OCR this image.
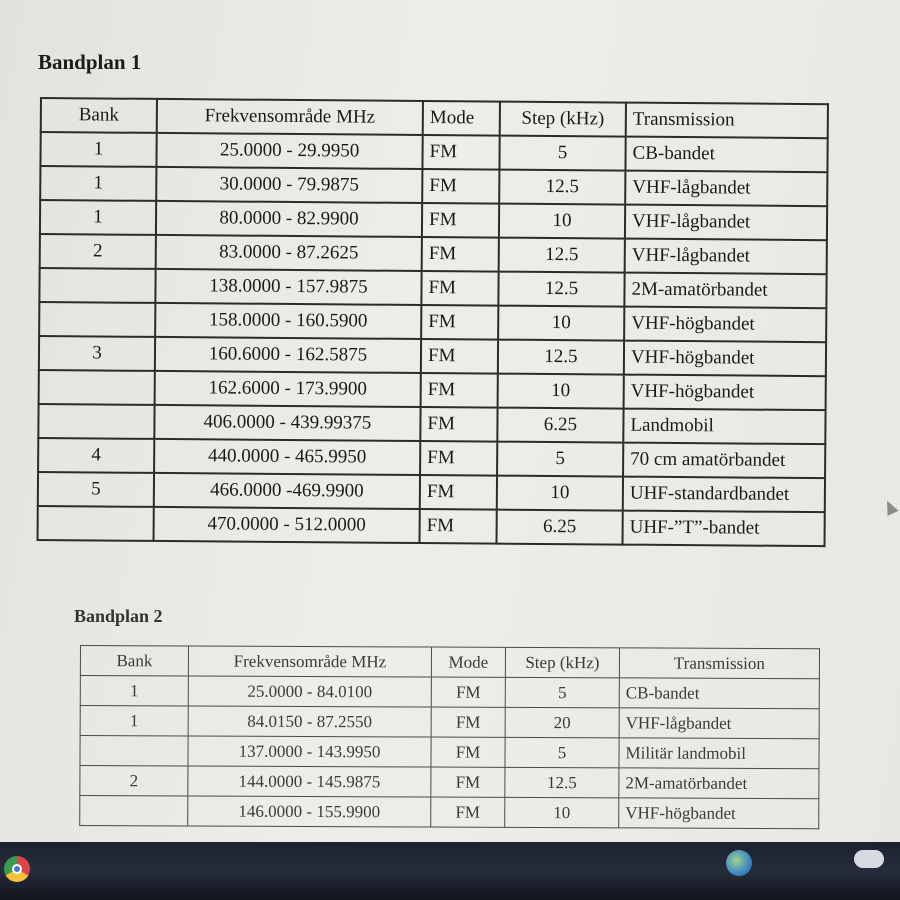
Bandplan 1
Bank	Frekvensområde MHz	Mode	Step (kHz)	Transmission
1	25.0000 - 29.9950	FM	5	CB-bandet
1	30.0000 - 79.9875	FM	12.5	VHF-lågbandet
1	80.0000 - 82.9900	FM	10	VHF-lågbandet
2	83.0000 - 87.2625	FM	12.5	VHF-lågbandet
	138.0000 - 157.9875	FM	12.5	2M-amatörbandet
	158.0000 - 160.5900	FM	10	VHF-högbandet
3	160.6000 - 162.5875	FM	12.5	VHF-högbandet
	162.6000 - 173.9900	FM	10	VHF-högbandet
	406.0000 - 439.99375	FM	6.25	Landmobil
4	440.0000 - 465.9950	FM	5	70 cm amatörbandet
5	466.0000 -469.9900	FM	10	UHF-standardbandet
	470.0000 - 512.0000	FM	6.25	UHF-”T”-bandet
Bandplan 2
Bank	Frekvensområde MHz	Mode	Step (kHz)	Transmission
1	25.0000 - 84.0100	FM	5	CB-bandet
1	84.0150 - 87.2550	FM	20	VHF-lågbandet
	137.0000 - 143.9950	FM	5	Militär landmobil
2	144.0000 - 145.9875	FM	12.5	2M-amatörbandet
	146.0000 - 155.9900	FM	10	VHF-högbandet
